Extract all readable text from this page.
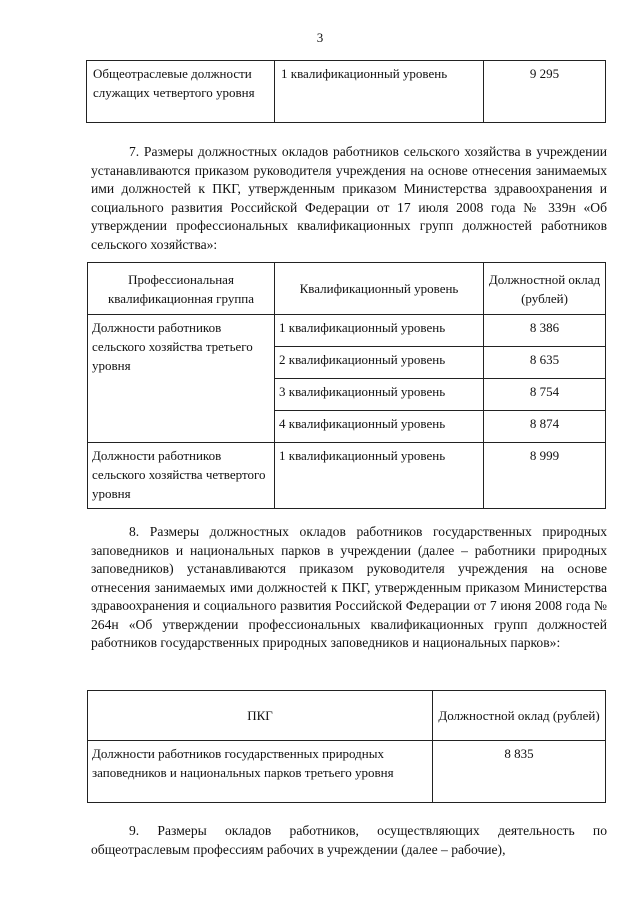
3
Общеотраслевые должности служащих четвертого уровня	1 квалификационный уровень	9 295

7. Размеры должностных окладов работников сельского хозяйства в учреждении устанавливаются приказом руководителя учреждения на основе отнесения занимаемых ими должностей к ПКГ, утвержденным приказом Министерства здравоохранения и социального развития Российской Федерации от 17 июля 2008 года № 339н «Об утверждении профессиональных квалификационных групп должностей работников сельского хозяйства»:

Профессиональная квалификационная группа	Квалификационный уровень	Должностной оклад (рублей)
Должности работников сельского хозяйства третьего уровня	1 квалификационный уровень	8 386
	2 квалификационный уровень	8 635
	3 квалификационный уровень	8 754
	4 квалификационный уровень	8 874
Должности работников сельского хозяйства четвертого уровня	1 квалификационный уровень	8 999

8. Размеры должностных окладов работников государственных природных заповедников и национальных парков в учреждении (далее – работники природных заповедников) устанавливаются приказом руководителя учреждения на основе отнесения занимаемых ими должностей к ПКГ, утвержденным приказом Министерства здравоохранения и социального развития Российской Федерации от 7 июня 2008 года № 264н «Об утверждении профессиональных квалификационных групп должностей работников государственных природных заповедников и национальных парков»:

ПКГ	Должностной оклад (рублей)
Должности работников государственных природных заповедников и национальных парков третьего уровня	8 835

9. Размеры окладов работников, осуществляющих деятельность по общеотраслевым профессиям рабочих в учреждении (далее – рабочие),
